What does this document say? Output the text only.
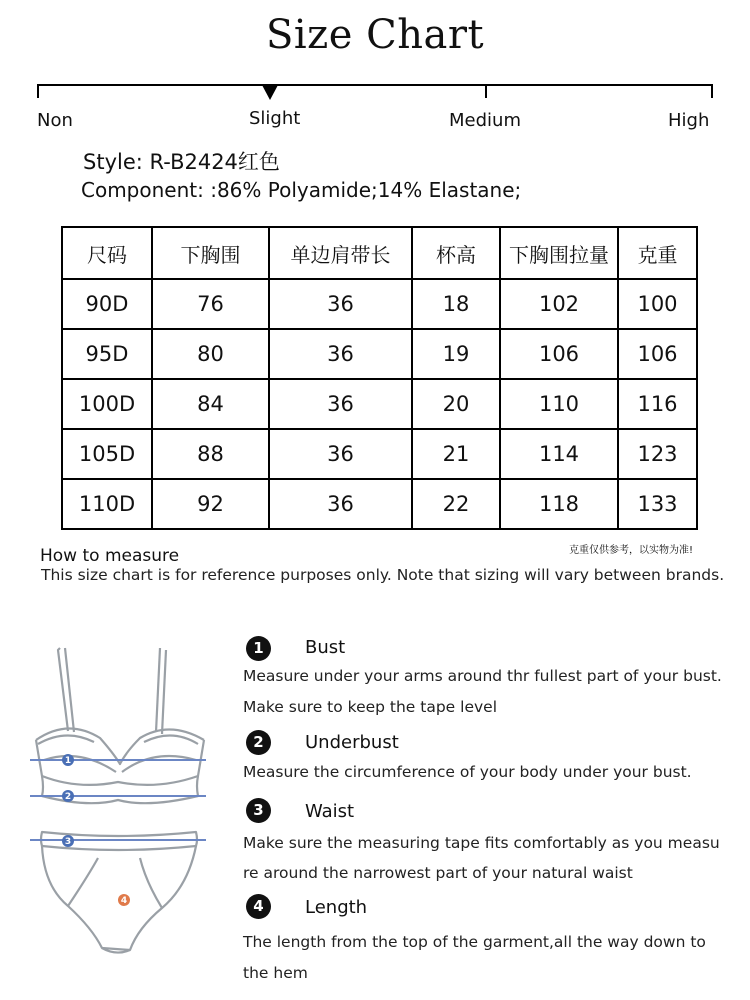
Size Chart
Non	Slight	Medium	High
Style: R-B2424红色
Component: :86% Polyamide;14% Elastane;
尺码	下胸围	单边肩带长	杯高	下胸围拉量	克重
90D	76	36	18	102	100
95D	80	36	19	106	106
100D	84	36	20	110	116
105D	88	36	21	114	123
110D	92	36	22	118	133
克重仅供参考，以实物为准!
How to measure
This size chart is for reference purposes only. Note that sizing will vary between brands.
1
2
3
4
1	Bust
Measure under your arms around thr fullest part of your bust.
Make sure to keep the tape level
2	Underbust
Measure the circumference of your body under your bust.
3	Waist
Make sure the measuring tape fits comfortably as you measu
re around the narrowest part of your natural waist
4	Length
The length from the top of the garment,all the way down to
the hem
